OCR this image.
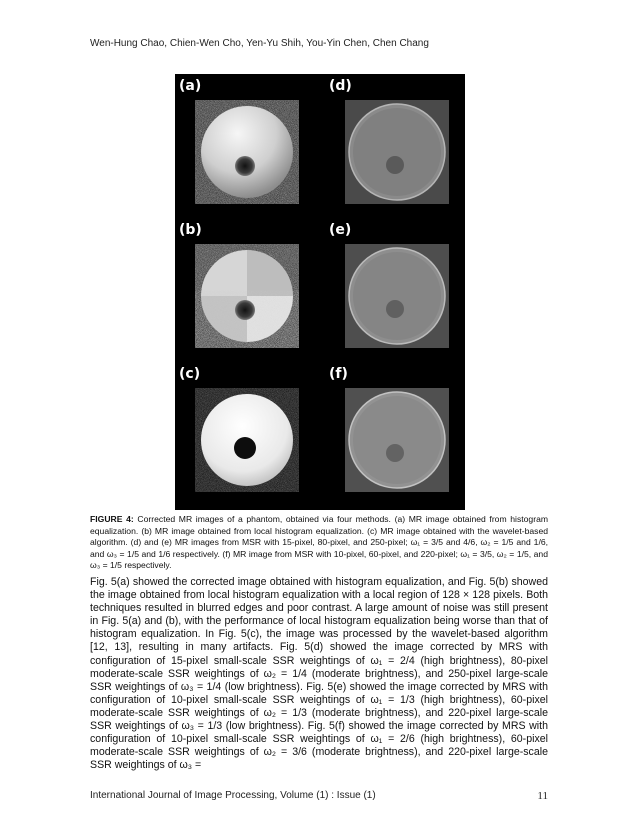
Wen-Hung Chao, Chien-Wen Cho, Yen-Yu Shih, You-Yin Chen, Chen Chang
(a)	(d)
(b)	(e)
(c)	(f)
FIGURE 4: Corrected MR images of a phantom, obtained via four methods. (a) MR image obtained from histogram equalization. (b) MR image obtained from local histogram equalization. (c) MR image obtained with the wavelet-based algorithm. (d) and (e) MR images from MSR with 15-pixel, 80-pixel, and 250-pixel; ω₁ = 3/5 and 4/6, ω₂ = 1/5 and 1/6, and ω₃ = 1/5 and 1/6 respectively. (f) MR image from MSR with 10-pixel, 60-pixel, and 220-pixel; ω₁ = 3/5, ω₂ = 1/5, and ω₃ = 1/5 respectively.

Fig. 5(a) showed the corrected image obtained with histogram equalization, and Fig. 5(b) showed the image obtained from local histogram equalization with a local region of 128 × 128 pixels. Both techniques resulted in blurred edges and poor contrast. A large amount of noise was still present in Fig. 5(a) and (b), with the performance of local histogram equalization being worse than that of histogram equalization. In Fig. 5(c), the image was processed by the wavelet-based algorithm [12, 13], resulting in many artifacts. Fig. 5(d) showed the image corrected by MRS with configuration of 15-pixel small-scale SSR weightings of ω₁ = 2/4 (high brightness), 80-pixel moderate-scale SSR weightings of ω₂ = 1/4 (moderate brightness), and 250-pixel large-scale SSR weightings of ω₃ = 1/4 (low brightness). Fig. 5(e) showed the image corrected by MRS with configuration of 10-pixel small-scale SSR weightings of ω₁ = 1/3 (high brightness), 60-pixel moderate-scale SSR weightings of ω₂ = 1/3 (moderate brightness), and 220-pixel large-scale SSR weightings of ω₃ = 1/3 (low brightness). Fig. 5(f) showed the image corrected by MRS with configuration of 10-pixel small-scale SSR weightings of ω₁ = 2/6 (high brightness), 60-pixel moderate-scale SSR weightings of ω₂ = 3/6 (moderate brightness), and 220-pixel large-scale SSR weightings of ω₃ =

International Journal of Image Processing, Volume (1) : Issue (1)	11
